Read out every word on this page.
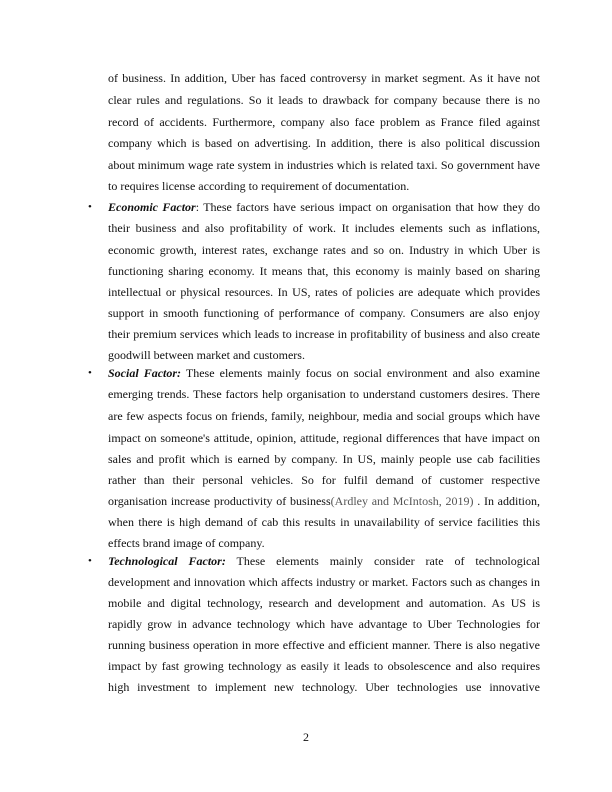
of business. In addition, Uber has faced controversy in market segment. As it have not
clear rules and regulations. So it leads to drawback for company because there is no
record of accidents. Furthermore, company also face problem as France filed against
company which is based on advertising. In addition, there is also political discussion
about minimum wage rate system in industries which is related taxi. So government have
to requires license according to requirement of documentation.
•	Economic Factor: These factors have serious impact on organisation that how they do
their business and also profitability of work. It includes elements such as inflations,
economic growth, interest rates, exchange rates and so on. Industry in which Uber is
functioning sharing economy. It means that, this economy is mainly based on sharing
intellectual or physical resources. In US, rates of policies are adequate which provides
support in smooth functioning of performance of company. Consumers are also enjoy
their premium services which leads to increase in profitability of business and also create
goodwill between market and customers.
•	Social Factor: These elements mainly focus on social environment and also examine
emerging trends. These factors help organisation to understand customers desires. There
are few aspects focus on friends, family, neighbour, media and social groups which have
impact on someone's attitude, opinion, attitude, regional differences that have impact on
sales and profit which is earned by company. In US, mainly people use cab facilities
rather than their personal vehicles. So for fulfil demand of customer respective
organisation increase productivity of business(Ardley and McIntosh, 2019) . In addition,
when there is high demand of cab this results in unavailability of service facilities this
effects brand image of company.
•	Technological Factor: These elements mainly consider rate of technological
development and innovation which affects industry or market. Factors such as changes in
mobile and digital technology, research and development and automation. As US is
rapidly grow in advance technology which have advantage to Uber Technologies for
running business operation in more effective and efficient manner. There is also negative
impact by fast growing technology as easily it leads to obsolescence and also requires
high investment to implement new technology. Uber technologies use innovative
2
